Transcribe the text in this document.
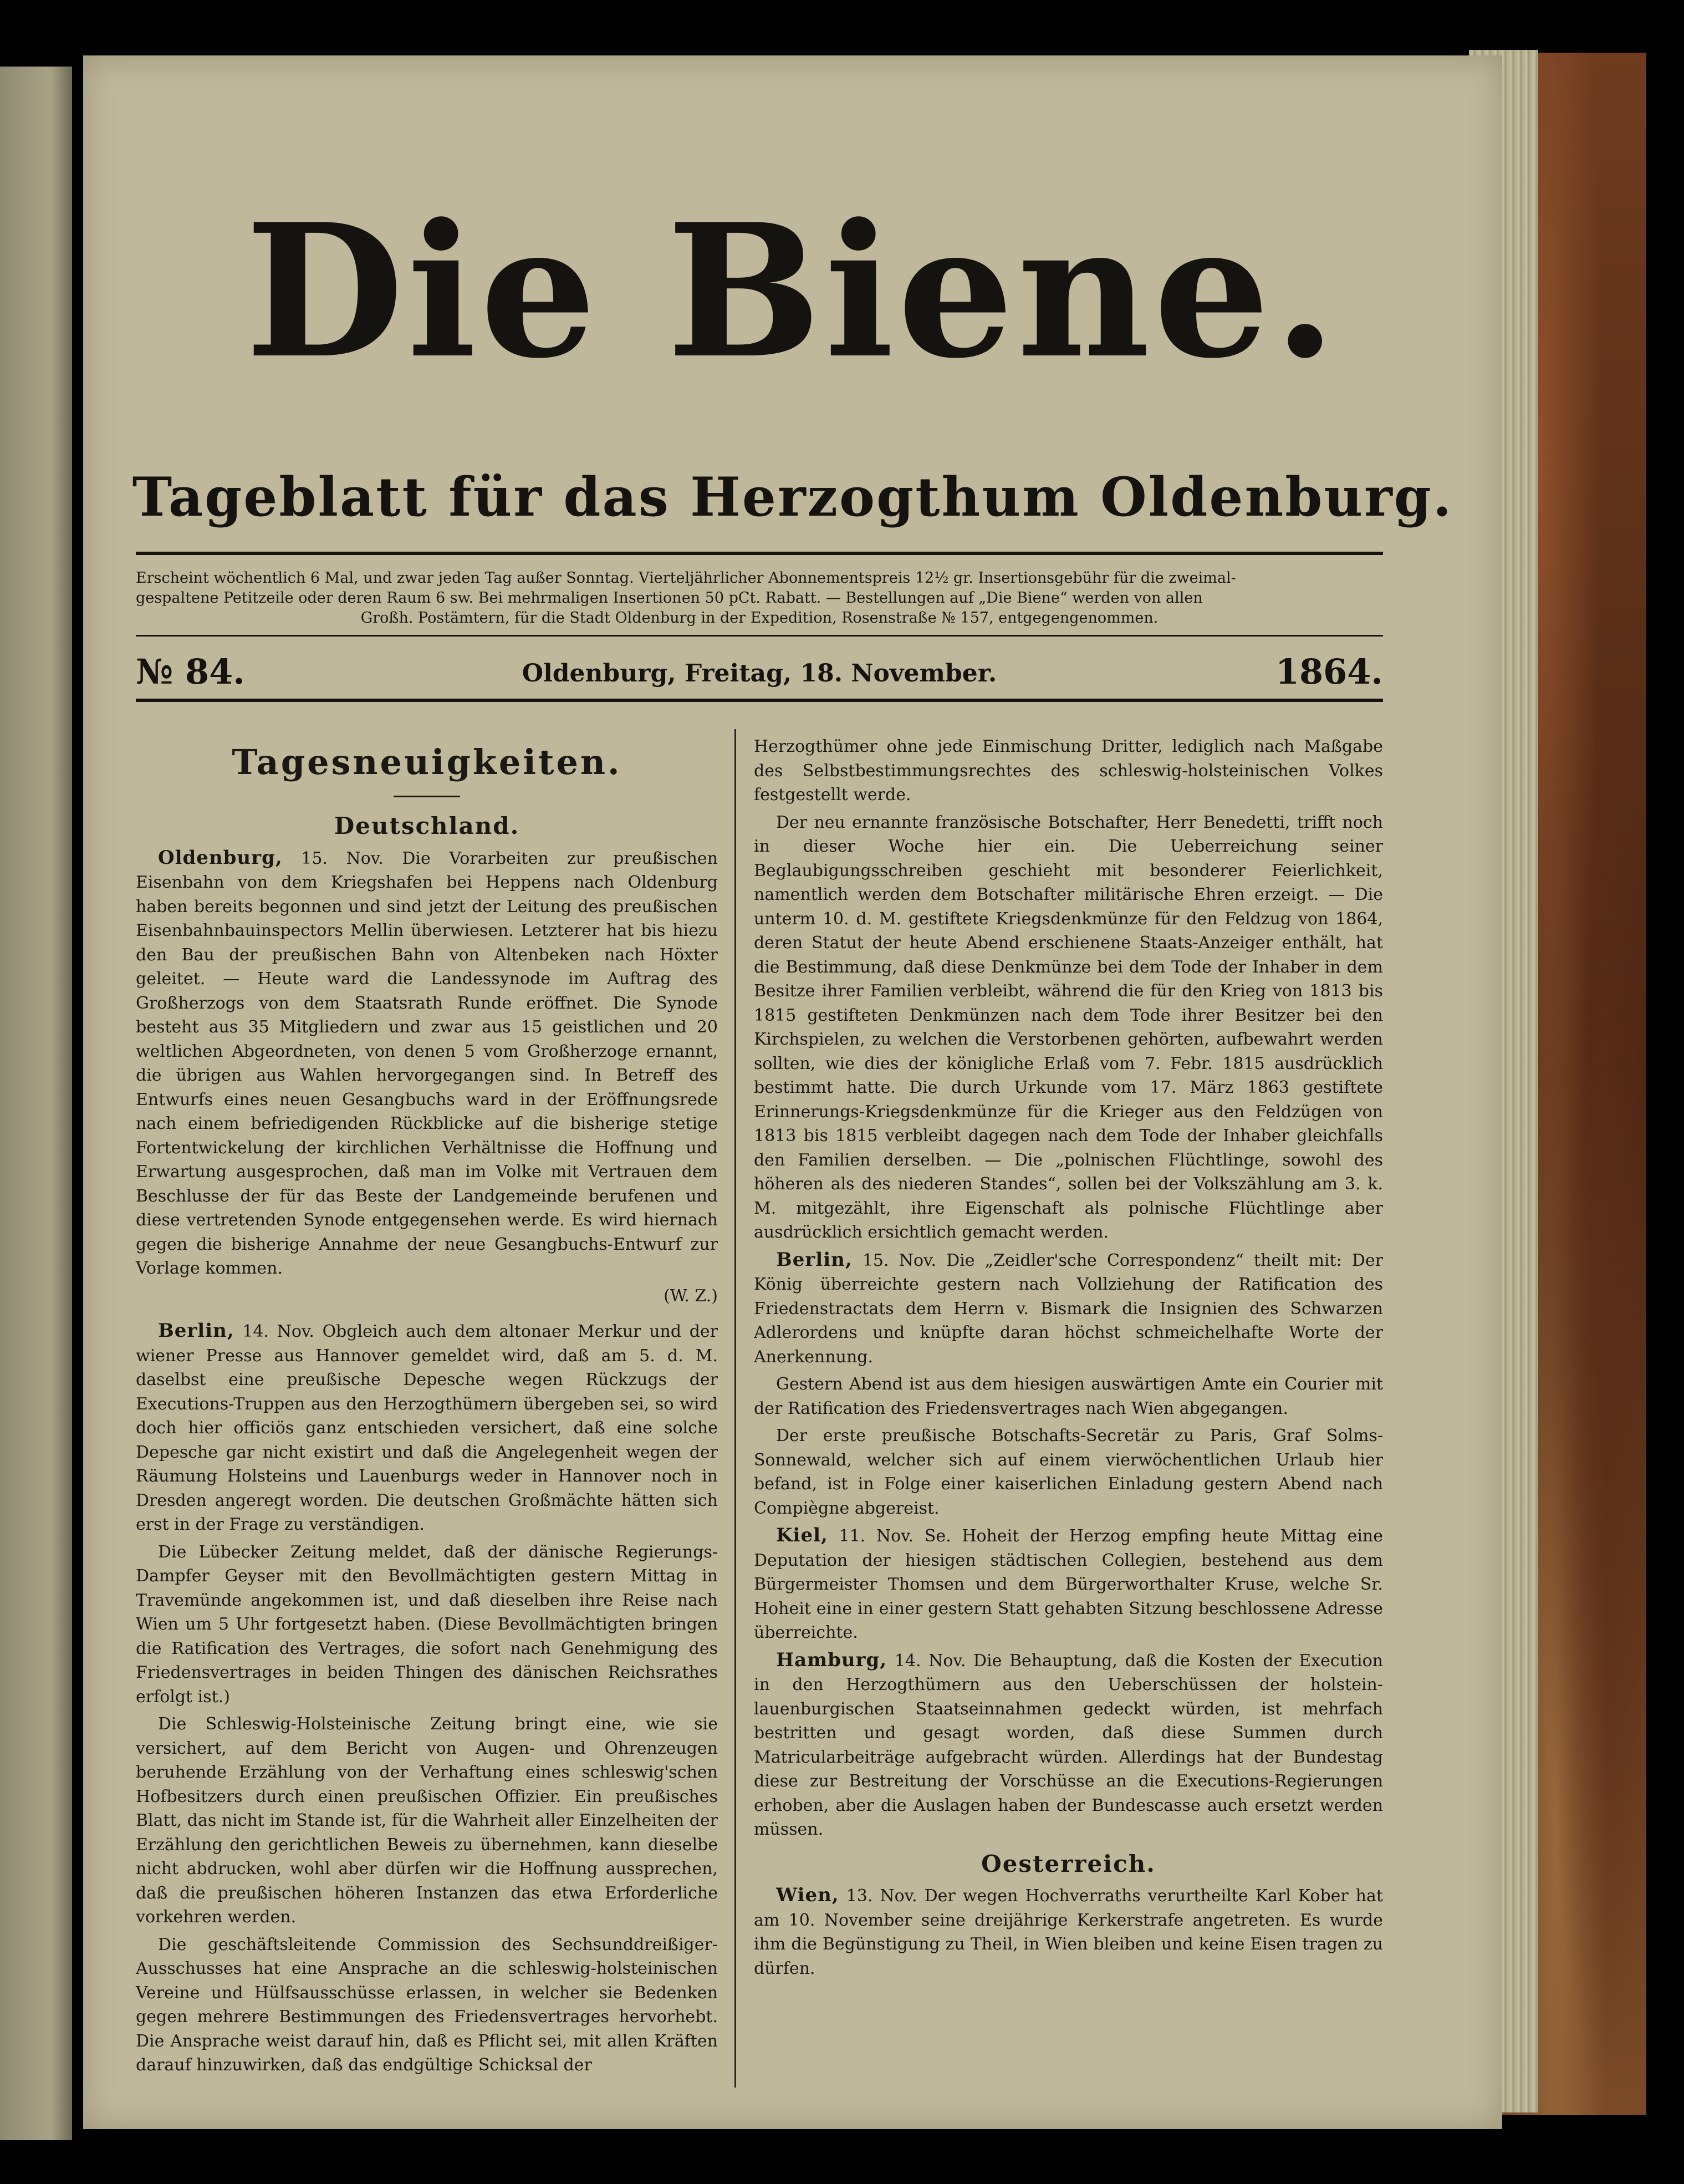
Die Biene.
Tageblatt für das Herzogthum Oldenburg.
Erscheint wöchentlich 6 Mal, und zwar jeden Tag außer Sonntag. Vierteljährlicher Abonnementspreis 12½ gr. Insertionsgebühr für die zweimal-
gespaltene Petitzeile oder deren Raum 6 sw. Bei mehrmaligen Insertionen 50 pCt. Rabatt. — Bestellungen auf „Die Biene“ werden von allen
Großh. Postämtern, für die Stadt Oldenburg in der Expedition, Rosenstraße № 157, entgegengenommen.
№ 84.	Oldenburg, Freitag, 18. November.	1864.
Tagesneuigkeiten.
Deutschland.

Oldenburg, 15. Nov. Die Vorarbeiten zur preußischen Eisenbahn von dem Kriegshafen bei Heppens nach Oldenburg haben bereits begonnen und sind jetzt der Leitung des preußischen Eisenbahnbauinspectors Mellin überwiesen. Letzterer hat bis hiezu den Bau der preußischen Bahn von Altenbeken nach Höxter geleitet. — Heute ward die Landessynode im Auftrag des Großherzogs von dem Staatsrath Runde eröffnet. Die Synode besteht aus 35 Mitgliedern und zwar aus 15 geistlichen und 20 weltlichen Abgeordneten, von denen 5 vom Großherzoge ernannt, die übrigen aus Wahlen hervorgegangen sind. In Betreff des Entwurfs eines neuen Gesangbuchs ward in der Eröffnungsrede nach einem befriedigenden Rückblicke auf die bisherige stetige Fortentwickelung der kirchlichen Verhältnisse die Hoffnung und Erwartung ausgesprochen, daß man im Volke mit Vertrauen dem Beschlusse der für das Beste der Landgemeinde berufenen und diese vertretenden Synode entgegensehen werde. Es wird hiernach gegen die bisherige Annahme der neue Gesangbuchs-Entwurf zur Vorlage kommen.

(W. Z.)

Berlin, 14. Nov. Obgleich auch dem altonaer Merkur und der wiener Presse aus Hannover gemeldet wird, daß am 5. d. M. daselbst eine preußische Depesche wegen Rückzugs der Executions-Truppen aus den Herzogthümern übergeben sei, so wird doch hier officiös ganz entschieden versichert, daß eine solche Depesche gar nicht existirt und daß die Angelegenheit wegen der Räumung Holsteins und Lauenburgs weder in Hannover noch in Dresden angeregt worden. Die deutschen Großmächte hätten sich erst in der Frage zu verständigen.

Die Lübecker Zeitung meldet, daß der dänische Regierungs-Dampfer Geyser mit den Bevollmächtigten gestern Mittag in Travemünde angekommen ist, und daß dieselben ihre Reise nach Wien um 5 Uhr fortgesetzt haben. (Diese Bevollmächtigten bringen die Ratification des Vertrages, die sofort nach Genehmigung des Friedensvertrages in beiden Thingen des dänischen Reichsrathes erfolgt ist.)

Die Schleswig-Holsteinische Zeitung bringt eine, wie sie versichert, auf dem Bericht von Augen- und Ohrenzeugen beruhende Erzählung von der Verhaftung eines schleswig'schen Hofbesitzers durch einen preußischen Offizier. Ein preußisches Blatt, das nicht im Stande ist, für die Wahrheit aller Einzelheiten der Erzählung den gerichtlichen Beweis zu übernehmen, kann dieselbe nicht abdrucken, wohl aber dürfen wir die Hoffnung aussprechen, daß die preußischen höheren Instanzen das etwa Erforderliche vorkehren werden.

Die geschäftsleitende Commission des Sechsunddreißiger-Ausschusses hat eine Ansprache an die schleswig-holsteinischen Vereine und Hülfsausschüsse erlassen, in welcher sie Bedenken gegen mehrere Bestimmungen des Friedensvertrages hervorhebt. Die Ansprache weist darauf hin, daß es Pflicht sei, mit allen Kräften darauf hinzuwirken, daß das endgültige Schicksal der

Herzogthümer ohne jede Einmischung Dritter, lediglich nach Maßgabe des Selbstbestimmungsrechtes des schleswig-holsteinischen Volkes festgestellt werde.

Der neu ernannte französische Botschafter, Herr Benedetti, trifft noch in dieser Woche hier ein. Die Ueberreichung seiner Beglaubigungsschreiben geschieht mit besonderer Feierlichkeit, namentlich werden dem Botschafter militärische Ehren erzeigt. — Die unterm 10. d. M. gestiftete Kriegsdenkmünze für den Feldzug von 1864, deren Statut der heute Abend erschienene Staats-Anzeiger enthält, hat die Bestimmung, daß diese Denkmünze bei dem Tode der Inhaber in dem Besitze ihrer Familien verbleibt, während die für den Krieg von 1813 bis 1815 gestifteten Denkmünzen nach dem Tode ihrer Besitzer bei den Kirchspielen, zu welchen die Verstorbenen gehörten, aufbewahrt werden sollten, wie dies der königliche Erlaß vom 7. Febr. 1815 ausdrücklich bestimmt hatte. Die durch Urkunde vom 17. März 1863 gestiftete Erinnerungs-Kriegsdenkmünze für die Krieger aus den Feldzügen von 1813 bis 1815 verbleibt dagegen nach dem Tode der Inhaber gleichfalls den Familien derselben. — Die „polnischen Flüchtlinge, sowohl des höheren als des niederen Standes“, sollen bei der Volkszählung am 3. k. M. mitgezählt, ihre Eigenschaft als polnische Flüchtlinge aber ausdrücklich ersichtlich gemacht werden.

Berlin, 15. Nov. Die „Zeidler'sche Correspondenz“ theilt mit: Der König überreichte gestern nach Vollziehung der Ratification des Friedenstractats dem Herrn v. Bismark die Insignien des Schwarzen Adlerordens und knüpfte daran höchst schmeichelhafte Worte der Anerkennung.

Gestern Abend ist aus dem hiesigen auswärtigen Amte ein Courier mit der Ratification des Friedensvertrages nach Wien abgegangen.

Der erste preußische Botschafts-Secretär zu Paris, Graf Solms-Sonnewald, welcher sich auf einem vierwöchentlichen Urlaub hier befand, ist in Folge einer kaiserlichen Einladung gestern Abend nach Compiègne abgereist.

Kiel, 11. Nov. Se. Hoheit der Herzog empfing heute Mittag eine Deputation der hiesigen städtischen Collegien, bestehend aus dem Bürgermeister Thomsen und dem Bürgerworthalter Kruse, welche Sr. Hoheit eine in einer gestern Statt gehabten Sitzung beschlossene Adresse überreichte.

Hamburg, 14. Nov. Die Behauptung, daß die Kosten der Execution in den Herzogthümern aus den Ueberschüssen der holstein-lauenburgischen Staatseinnahmen gedeckt würden, ist mehrfach bestritten und gesagt worden, daß diese Summen durch Matricularbeiträge aufgebracht würden. Allerdings hat der Bundestag diese zur Bestreitung der Vorschüsse an die Executions-Regierungen erhoben, aber die Auslagen haben der Bundescasse auch ersetzt werden müssen.

Oesterreich.

Wien, 13. Nov. Der wegen Hochverraths verurtheilte Karl Kober hat am 10. November seine dreijährige Kerkerstrafe angetreten. Es wurde ihm die Begünstigung zu Theil, in Wien bleiben und keine Eisen tragen zu dürfen.
